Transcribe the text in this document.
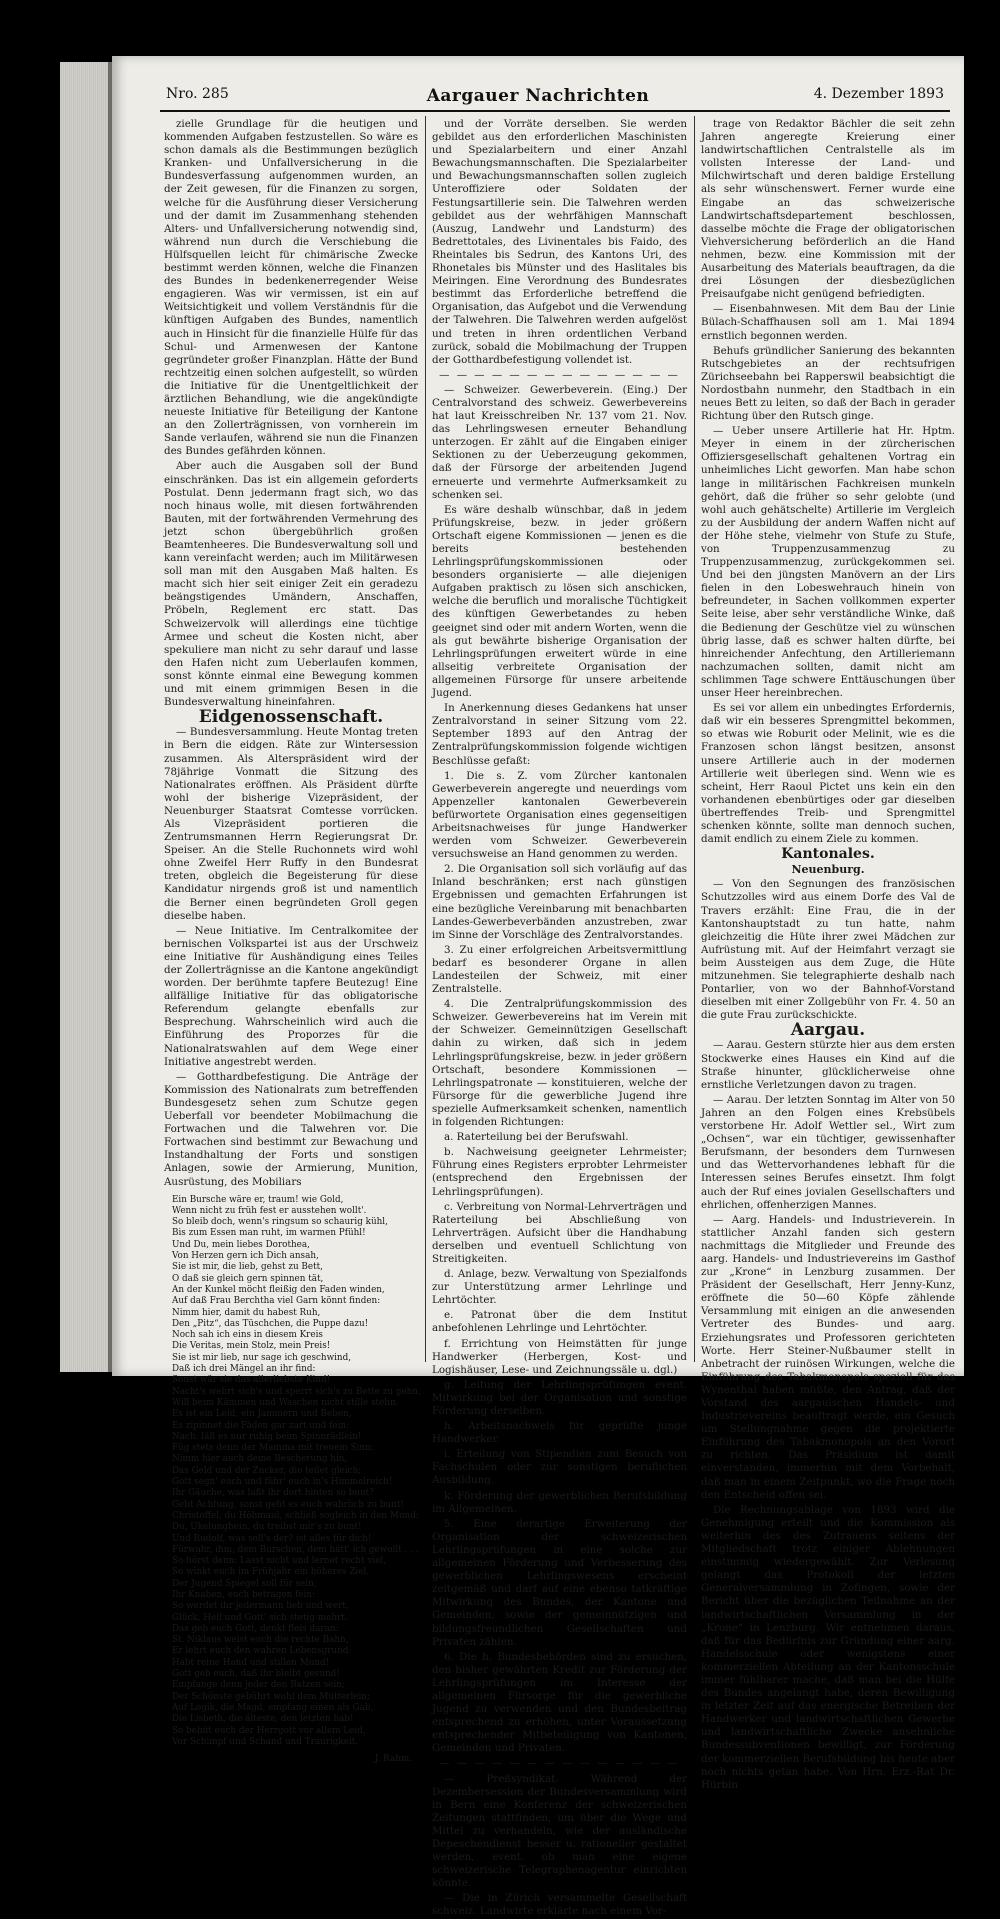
Nro. 285	Aargauer Nachrichten	4. Dezember 1893

zielle Grundlage für die heutigen und kommenden Aufgaben festzustellen. So wäre es schon damals als die Bestimmungen bezüglich Kranken- und Unfallversicherung in die Bundesverfassung aufgenommen wurden, an der Zeit gewesen, für die Finanzen zu sorgen, welche für die Ausführung dieser Versicherung und der damit im Zusammenhang stehenden Alters- und Unfallversicherung notwendig sind, während nun durch die Verschiebung die Hülfsquellen leicht für chimärische Zwecke bestimmt werden können, welche die Finanzen des Bundes in bedenkenerregender Weise engagieren. Was wir vermissen, ist ein auf Weitsichtigkeit und vollem Verständnis für die künftigen Aufgaben des Bundes, namentlich auch in Hinsicht für die finanzielle Hülfe für das Schul- und Armenwesen der Kantone gegründeter großer Finanzplan. Hätte der Bund rechtzeitig einen solchen aufgestellt, so würden die Initiative für die Unentgeltlichkeit der ärztlichen Behandlung, wie die angekündigte neueste Initiative für Beteiligung der Kantone an den Zollerträgnissen, von vornherein im Sande verlaufen, während sie nun die Finanzen des Bundes gefährden können.

Aber auch die Ausgaben soll der Bund einschränken. Das ist ein allgemein geforderts Postulat. Denn jedermann fragt sich, wo das noch hinaus wolle, mit diesen fortwährenden Bauten, mit der fortwährenden Vermehrung des jetzt schon übergebührlich großen Beamtenheeres. Die Bundesverwaltung soll und kann vereinfacht werden; auch im Militärwesen soll man mit den Ausgaben Maß halten. Es macht sich hier seit einiger Zeit ein geradezu beängstigendes Umändern, Anschaffen, Pröbeln, Reglement erc statt. Das Schweizervolk will allerdings eine tüchtige Armee und scheut die Kosten nicht, aber spekuliere man nicht zu sehr darauf und lasse den Hafen nicht zum Ueberlaufen kommen, sonst könnte einmal eine Bewegung kommen und mit einem grimmigen Besen in die Bundesverwaltung hineinfahren.

Eidgenossenschaft.

— Bundesversammlung. Heute Montag treten in Bern die eidgen. Räte zur Wintersession zusammen. Als Alterspräsident wird der 78jährige Vonmatt die Sitzung des Nationalrates eröffnen. Als Präsident dürfte wohl der bisherige Vizepräsident, der Neuenburger Staatsrat Comtesse vorrücken. Als Vizepräsident portieren die Zentrumsmannen Herrn Regierungsrat Dr. Speiser. An die Stelle Ruchonnets wird wohl ohne Zweifel Herr Ruffy in den Bundesrat treten, obgleich die Begeisterung für diese Kandidatur nirgends groß ist und namentlich die Berner einen begründeten Groll gegen dieselbe haben.

— Neue Initiative. Im Centralkomitee der bernischen Volkspartei ist aus der Urschweiz eine Initiative für Aushändigung eines Teiles der Zollerträgnisse an die Kantone angekündigt worden. Der berühmte tapfere Beutezug! Eine allfällige Initiative für das obligatorische Referendum gelangte ebenfalls zur Besprechung. Wahrscheinlich wird auch die Einführung des Proporzes für die Nationalratswahlen auf dem Wege einer Initiative angestrebt werden.

— Gotthardbefestigung. Die Anträge der Kommission des Nationalrats zum betreffenden Bundesgesetz sehen zum Schutze gegen Ueberfall vor beendeter Mobilmachung die Fortwachen und die Talwehren vor. Die Fortwachen sind bestimmt zur Bewachung und Instandhaltung der Forts und sonstigen Anlagen, sowie der Armierung, Munition, Ausrüstung, des Mobiliars

Ein Bursche wäre er, traum! wie Gold,
Wenn nicht zu früh fest er ausstehen wollt'.
So bleib doch, wenn's ringsum so schaurig kühl,
Bis zum Essen man ruht, im warmen Pfühl!
Und Du, mein liebes Dorothea,
Von Herzen gern ich Dich ansah,
Sie ist mir, die lieb, gehst zu Bett,
O daß sie gleich gern spinnen tät,
An der Kunkel möcht fleißig den Faden winden,
Auf daß Frau Berchtha viel Garn könnt finden:
Nimm hier, damit du habest Ruh,
Den „Pitz“, das Tüschchen, die Puppe dazu!
Noch sah ich eins in diesem Kreis
Die Veritas, mein Stolz, mein Preis!
Sie ist mir lieb, nur sage ich geschwind,
Daß ich drei Mängel an ihr find:
Sonst wär sie das allerliebste Kind!
Nacht's wehrt sich's und sperrt sich's zu Bette zu gehn,
Will beim Kämmen und Waschen nicht stille stehn.
Es ist ein Leid, ein Jammern und Beben,
Es zipinnet die Fäden gar zart und fein:
Nach: läß es nur ruhig beim Spinnrädlein!
Füg stets denn der Mamma mit treuem Sinn;
Nimm hier auch deine Bescherung hin,
Das Geld und der Zucker, die teilet gleich;
Gott segn' euch und führ' euch in's Himmelreich!
Ihr Gäuche, was laßt ihr dort hinten so bunt?
Gebt Achtung, sonst geht es euch wahrlich zu bunt!
Christoffel, du Höhmaul, schließ sogleich in den Mund:
Du, Ukelunghein, du treibst mir's zu bunt!
Und Rudolf, was soll's der? ist alles für dich!
Fürwahr, ihm, dem Burschen, dem hätt' ich gewollt . . .
So hörst denn: Lasst nicht und lernet recht viel,
So winkt euch im Frühjahr ein höheres Ziel.
Der Jugend Spiegel soll für sein,
Ihr Knaben, euch betragen fein:
So werdet ihr jedermann lieb und wert,
Glück, Heil und Gott' sich stetig mehrt.
Das geb euch Gott, denkt fleis daran:
St. Niklaus weist euch die rechte Bahn,
Er lehrt euch den wahren Lebensgrund:
Habt reine Hand und stillen Mund!
Gott geb euch, daß ihr bleibt gesund!
Empfange denn jeder den Batzen sein;
Der Schönste gebührt wohl dem Mütterlein;
Auf Logik, die Magd, empfang einen als Gab,
Die Lisbeth, die älteste, den letzten hab!
So behüt euch der Herrgott vor allem Leid,
Vor Schimpf und Schand und Traurigkeit.
J. Rahm.

und der Vorräte derselben. Sie werden gebildet aus den erforderlichen Maschinisten und Spezialarbeitern und einer Anzahl Bewachungsmannschaften. Die Spezialarbeiter und Bewachungsmannschaften sollen zugleich Unteroffiziere oder Soldaten der Festungsartillerie sein. Die Talwehren werden gebildet aus der wehrfähigen Mannschaft (Auszug, Landwehr und Landsturm) des Bedrettotales, des Livinentales bis Faido, des Rheintales bis Sedrun, des Kantons Uri, des Rhonetales bis Münster und des Haslitales bis Meiringen. Eine Verordnung des Bundesrates bestimmt das Erforderliche betreffend die Organisation, das Aufgebot und die Verwendung der Talwehren. Die Talwehren werden aufgelöst und treten in ihren ordentlichen Verband zurück, sobald die Mobilmachung der Truppen der Gotthardbefestigung vollendet ist.

— — — — — — — — — — — — — —

— Schweizer. Gewerbeverein. (Eing.) Der Centralvorstand des schweiz. Gewerbevereins hat laut Kreisschreiben Nr. 137 vom 21. Nov. das Lehrlingswesen erneuter Behandlung unterzogen. Er zählt auf die Eingaben einiger Sektionen zu der Ueberzeugung gekommen, daß der Fürsorge der arbeitenden Jugend erneuerte und vermehrte Aufmerksamkeit zu schenken sei.

Es wäre deshalb wünschbar, daß in jedem Prüfungskreise, bezw. in jeder größern Ortschaft eigene Kommissionen — jenen es die bereits bestehenden Lehrlingsprüfungskommissionen oder besonders organisierte — alle diejenigen Aufgaben praktisch zu lösen sich anschicken, welche die beruflich und moralische Tüchtigkeit des künftigen Gewerbetandes zu heben geeignet sind oder mit andern Worten, wenn die als gut bewährte bisherige Organisation der Lehrlingsprüfungen erweitert würde in eine allseitig verbreitete Organisation der allgemeinen Fürsorge für unsere arbeitende Jugend.

In Anerkennung dieses Gedankens hat unser Zentralvorstand in seiner Sitzung vom 22. September 1893 auf den Antrag der Zentralprüfungskommission folgende wichtigen Beschlüsse gefaßt:

1. Die s. Z. vom Zürcher kantonalen Gewerbeverein angeregte und neuerdings vom Appenzeller kantonalen Gewerbeverein befürwortete Organisation eines gegenseitigen Arbeitsnachweises für junge Handwerker werden vom Schweizer. Gewerbeverein versuchsweise an Hand genommen zu werden.

2. Die Organisation soll sich vorläufig auf das Inland beschränken; erst nach günstigen Ergebnissen und gemachten Erfahrungen ist eine bezügliche Vereinbarung mit benachbarten Landes-Gewerbeverbänden anzustreben, zwar im Sinne der Vorschläge des Zentralvorstandes.

3. Zu einer erfolgreichen Arbeitsvermittlung bedarf es besonderer Organe in allen Landesteilen der Schweiz, mit einer Zentralstelle.

4. Die Zentralprüfungskommission des Schweizer. Gewerbevereins hat im Verein mit der Schweizer. Gemeinnützigen Gesellschaft dahin zu wirken, daß sich in jedem Lehrlingsprüfungskreise, bezw. in jeder größern Ortschaft, besondere Kommissionen — Lehrlingspatronate — konstituieren, welche der Fürsorge für die gewerbliche Jugend ihre spezielle Aufmerksamkeit schenken, namentlich in folgenden Richtungen:

a. Raterteilung bei der Berufswahl.

b. Nachweisung geeigneter Lehrmeister; Führung eines Registers erprobter Lehrmeister (entsprechend den Ergebnissen der Lehrlingsprüfungen).

c. Verbreitung von Normal-Lehrverträgen und Raterteilung bei Abschließung von Lehrverträgen. Aufsicht über die Handhabung derselben und eventuell Schlichtung von Streitigkeiten.

d. Anlage, bezw. Verwaltung von Spezialfonds zur Unterstützung armer Lehrlinge und Lehrtöchter.

e. Patronat über die dem Institut anbefohlenen Lehrlinge und Lehrtöchter.

f. Errichtung von Heimstätten für junge Handwerker (Herbergen, Kost- und Logishäuser, Lese- und Zeichnungssäle u. dgl.)

g. Leitung der Lehrlingsprüfungen event. Mitwirkung bei der Organisation und sonstige Förderung derselben.

h. Arbeitsnachweis für geprüfte junge Handwerker.

i. Erteilung von Stipendien zum Besuch von Fachschulen oder zur sonstigen beruflichen Ausbildung.

k. Förderung der gewerblichen Berufsbildung im Allgemeinen.

5. Eine derartige Erweiterung der Organisation der schweizerischen Lehrlingsprüfungen in eine solche zur allgemeinen Förderung und Verbesserung des gewerblichen Lehrlingswesens erscheint zeitgemäß und darf auf eine ebenso tatkräftige Mitwirkung des Bundes, der Kantone und Gemeinden, sowie der gemeinnützigen und bildungsfreundlichen Gesellschaften und Privaten zählen.

6. Die h. Bundesbehörden sind zu ersuchen, den bisher gewährten Kredit zur Förderung der Lehrlingsprüfungen im Interesse der allgemeinen Fürsorge für die gewerbliche Jugend zu verwenden und den Bundesbeitrag entsprechend zu erhöhen, unter Voraussetzung entsprechender Mitbeteiligung von Kantonen, Gemeinden und Privaten.

— — — — — — — — — — — — — —

— Preßsyndikat. Während der Dezembersession der Bundesversammlung wird in Bern eine Konferenz der schweizerischen Zeitungen stattfinden, um über die Wege und Mittel zu verhandeln, wie der ausländische Depeschendienst besser u. rationeller gestaltet werden, event. ob man eine eigene schweizerische Telegraphenagentur einrichten könnte.

— Die in Zürich versammelte Gesellschaft schweiz. Landwirte erklärte nach einem Vor-

trage von Redaktor Bächler die seit zehn Jahren angeregte Kreierung einer landwirtschaftlichen Centralstelle als im vollsten Interesse der Land- und Milchwirtschaft und deren baldige Erstellung als sehr wünschenswert. Ferner wurde eine Eingabe an das schweizerische Landwirtschaftsdepartement beschlossen, dasselbe möchte die Frage der obligatorischen Viehversicherung beförderlich an die Hand nehmen, bezw. eine Kommission mit der Ausarbeitung des Materials beauftragen, da die drei Lösungen der diesbezüglichen Preisaufgabe nicht genügend befriedigten.

— Eisenbahnwesen. Mit dem Bau der Linie Bülach-Schaffhausen soll am 1. Mai 1894 ernstlich begonnen werden.

Behufs gründlicher Sanierung des bekannten Rutschgebietes an der rechtsufrigen Zürichseebahn bei Rapperswil beabsichtigt die Nordostbahn nunmehr, den Stadtbach in ein neues Bett zu leiten, so daß der Bach in gerader Richtung über den Rutsch ginge.

— Ueber unsere Artillerie hat Hr. Hptm. Meyer in einem in der zürcherischen Offiziersgesellschaft gehaltenen Vortrag ein unheimliches Licht geworfen. Man habe schon lange in militärischen Fachkreisen munkeln gehört, daß die früher so sehr gelobte (und wohl auch gehätschelte) Artillerie im Vergleich zu der Ausbildung der andern Waffen nicht auf der Höhe stehe, vielmehr von Stufe zu Stufe, von Truppenzusammenzug zu Truppenzusammenzug, zurückgekommen sei. Und bei den jüngsten Manövern an der Lirs fielen in den Lobeswehrauch hinein von befreundeter, in Sachen vollkommen experter Seite leise, aber sehr verständliche Winke, daß die Bedienung der Geschütze viel zu wünschen übrig lasse, daß es schwer halten dürfte, bei hinreichender Anfechtung, den Artilleriemann nachzumachen sollten, damit nicht am schlimmen Tage schwere Enttäuschungen über unser Heer hereinbrechen.

Es sei vor allem ein unbedingtes Erfordernis, daß wir ein besseres Sprengmittel bekommen, so etwas wie Roburit oder Melinit, wie es die Franzosen schon längst besitzen, ansonst unsere Artillerie auch in der modernen Artillerie weit überlegen sind. Wenn wie es scheint, Herr Raoul Pictet uns kein ein den vorhandenen ebenbürtiges oder gar dieselben übertreffendes Treib- und Sprengmittel schenken könnte, sollte man dennoch suchen, damit endlich zu einem Ziele zu kommen.

Kantonales.

Neuenburg.

— Von den Segnungen des französischen Schutzzolles wird aus einem Dorfe des Val de Travers erzählt: Eine Frau, die in der Kantonshauptstadt zu tun hatte, nahm gleichzeitig die Hüte ihrer zwei Mädchen zur Aufrüstung mit. Auf der Heimfahrt verzagt sie beim Aussteigen aus dem Zuge, die Hüte mitzunehmen. Sie telegraphierte deshalb nach Pontarlier, von wo der Bahnhof-Vorstand dieselben mit einer Zollgebühr von Fr. 4. 50 an die gute Frau zurückschickte.

Aargau.

— Aarau. Gestern stürzte hier aus dem ersten Stockwerke eines Hauses ein Kind auf die Straße hinunter, glücklicherweise ohne ernstliche Verletzungen davon zu tragen.

— Aarau. Der letzten Sonntag im Alter von 50 Jahren an den Folgen eines Krebsübels verstorbene Hr. Adolf Wettler sel., Wirt zum „Ochsen“, war ein tüchtiger, gewissenhafter Berufsmann, der besonders dem Turnwesen und das Wettervorhandenes lebhaft für die Interessen seines Berufes einsetzt. Ihm folgt auch der Ruf eines jovialen Gesellschafters und ehrlichen, offenherzigen Mannes.

— Aarg. Handels- und Industrieverein. In stattlicher Anzahl fanden sich gestern nachmittags die Mitglieder und Freunde des aarg. Handels- und Industrievereins im Gasthof zur „Krone“ in Lenzburg zusammen. Der Präsident der Gesellschaft, Herr Jenny-Kunz, eröffnete die 50—60 Köpfe zählende Versammlung mit einigen an die anwesenden Vertreter des Bundes- und aarg. Erziehungsrates und Professoren gerichteten Worte. Herr Steiner-Nußbaumer stellt in Anbetracht der ruinösen Wirkungen, welche die Einführung des Tabakmonopols speziell für das Wynenthal haben müßte, den Antrag, daß der Vorstand des aargauischen Handels- und Industrievereins beauftragt werde, ein Gesuch um Stellungnahme gegen die projektierte Einführung des Tabakmonopols an den Vorort zu richten. Das Präsidium ist damit einverstanden, immerhin mit dem Vorbehalt, daß man in einem Zeitpunkt, wo die Frage noch den Entscheid offen sei.

Die Rechnungsablage von 1893 wird die Genehmigung erteilt und die Kommission als weiterhin des des Zutrauens seitens der Mitgliedschaft trotz einiger Ablehnungen einstimmig wiedergewählt. Zur Verlesung gelangt das Protokoll der letzten Generalversammlung in Zofingen, sowie der Bericht über die bezüglichen Teilnahme an der landwirtschaftlichen Versammlung in der „Krone“ in Lenzburg. Wir entnehmen daraus, daß für das Bedürfnis zur Gründung einer aarg. Handelsschule oder wenigstens einer kommerziellen Abteilung an der Kantonsschule immer fühlbarer mache, daß man bei die Hülfe des Bundes angelangt habe, deren Bewilligung in letzter Zeit auf das energische Betreiben der Handwerker und landwirtschaftlichen Gewerbe und landwirtschaftliche Zwecke ansehnliche Bundessubventionen bewilligt, zur Förderung der kommerziellen Berufsbildung bis heute aber noch nichts getan habe. Von Hrn. Erz.-Rat Dr. Hürbin
